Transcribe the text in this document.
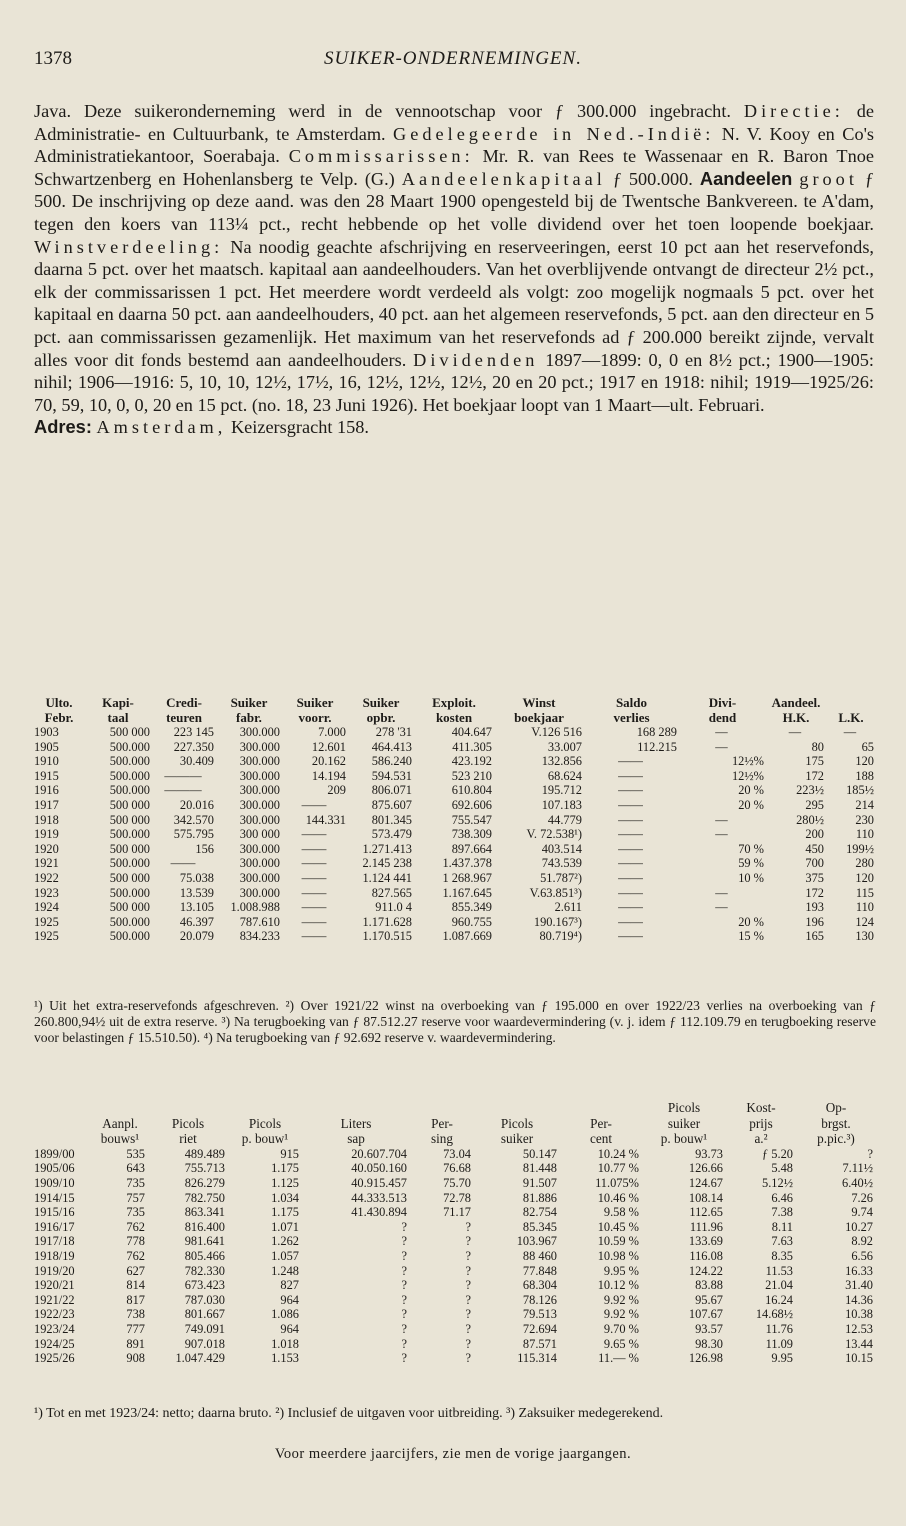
1378	SUIKER-ONDERNEMINGEN.

Java. Deze suikeronderneming werd in de vennootschap voor ƒ 300.000 ingebracht. Directie: de Administratie- en Cultuurbank, te Amsterdam. Gedelegeerde in Ned.-Indië: N. V. Kooy en Co's Administratiekantoor, Soerabaja. Commissarissen: Mr. R. van Rees te Wassenaar en R. Baron Tnoe Schwartzenberg en Hohenlansberg te Velp. (G.) Aandeelenkapitaal ƒ 500.000. Aandeelen groot ƒ 500. De inschrijving op deze aand. was den 28 Maart 1900 opengesteld bij de Twentsche Bankvereen. te A'dam, tegen den koers van 113¼ pct., recht hebbende op het volle dividend over het toen loopende boekjaar. Winstverdeeling: Na noodig geachte afschrijving en reserveeringen, eerst 10 pct aan het reservefonds, daarna 5 pct. over het maatsch. kapitaal aan aandeelhouders. Van het overblijvende ontvangt de directeur 2½ pct., elk der commissarissen 1 pct. Het meerdere wordt verdeeld als volgt: zoo mogelijk nogmaals 5 pct. over het kapitaal en daarna 50 pct. aan aandeelhouders, 40 pct. aan het algemeen reservefonds, 5 pct. aan den directeur en 5 pct. aan commissarissen gezamenlijk. Het maximum van het reservefonds ad ƒ 200.000 bereikt zijnde, vervalt alles voor dit fonds bestemd aan aandeelhouders. Dividenden 1897—1899: 0, 0 en 8½ pct.; 1900—1905: nihil; 1906—1916: 5, 10, 10, 12½, 17½, 16, 12½, 12½, 12½, 20 en 20 pct.; 1917 en 1918: nihil; 1919—1925/26: 70, 59, 10, 0, 0, 20 en 15 pct. (no. 18, 23 Juni 1926). Het boekjaar loopt van 1 Maart—ult. Februari.

Adres: Amsterdam, Keizersgracht 158.

Ulto.	Kapi-	Credi-	Suiker	Suiker	Suiker	Exploit.	Winst	Saldo	Divi-	Aandeel.	
Febr.	taal	teuren	fabr.	voorr.	opbr.	kosten	boekjaar	verlies	dend	H.K.	L.K.
1903	500 000	223 145	300.000	7.000	278 '31	404.647	V.126 516	168 289	—	—	—
1905	500.000	227.350	300.000	12.601	464.413	411.305	33.007	112.215	—	80	65
1910	500.000	30.409	300.000	20.162	586.240	423.192	132.856	——	12½%	175	120
1915	500.000	———	300.000	14.194	594.531	523 210	68.624	——	12½%	172	188
1916	500.000	———	300.000	209	806.071	610.804	195.712	——	20 %	223½	185½
1917	500 000	20.016	300.000	——	875.607	692.606	107.183	——	20 %	295	214
1918	500 000	342.570	300.000	144.331	801.345	755.547	44.779	——	—	280½	230
1919	500.000	575.795	300 000	——	573.479	738.309	V. 72.538¹)	——	—	200	110
1920	500 000	156	300.000	——	1.271.413	897.664	403.514	——	70 %	450	199½
1921	500.000	——	300.000	——	2.145 238	1.437.378	743.539	——	59 %	700	280
1922	500 000	75.038	300.000	——	1.124 441	1 268.967	51.787²)	——	10 %	375	120
1923	500.000	13.539	300.000	——	827.565	1.167.645	V.63.851³)	——	—	172	115
1924	500 000	13.105	1.008.988	——	911.0 4	855.349	2.611	——	—	193	110
1925	500.000	46.397	787.610	——	1.171.628	960.755	190.167³)	——	20 %	196	124
1925	500.000	20.079	834.233	——	1.170.515	1.087.669	80.719⁴)	——	15 %	165	130
¹) Uit het extra-reservefonds afgeschreven. ²) Over 1921/22 winst na overboeking van ƒ 195.000 en over 1922/23 verlies na overboeking van ƒ 260.800,94½ uit de extra reserve. ³) Na terugboeking van ƒ 87.512.27 reserve voor waardevermindering (v. j. idem ƒ 112.109.79 en terugboeking reserve voor belastingen ƒ 15.510.50). ⁴) Na terugboeking van ƒ 92.692 reserve v. waardevermindering.
								Picols	Kost-	Op-
	Aanpl.	Picols	Picols	Liters	Per-	Picols	Per-	suiker	prijs	brgst.
	bouws¹	riet	p. bouw¹	sap	sing	suiker	cent	p. bouw¹	a.²	p.pic.³)
1899/00	535	489.489	915	20.607.704	73.04	50.147	10.24 %	93.73	ƒ 5.20	?
1905/06	643	755.713	1.175	40.050.160	76.68	81.448	10.77 %	126.66	5.48	7.11½
1909/10	735	826.279	1.125	40.915.457	75.70	91.507	11.075%	124.67	5.12½	6.40½
1914/15	757	782.750	1.034	44.333.513	72.78	81.886	10.46 %	108.14	6.46	7.26
1915/16	735	863.341	1.175	41.430.894	71.17	82.754	9.58 %	112.65	7.38	9.74
1916/17	762	816.400	1.071	?	?	85.345	10.45 %	111.96	8.11	10.27
1917/18	778	981.641	1.262	?	?	103.967	10.59 %	133.69	7.63	8.92
1918/19	762	805.466	1.057	?	?	88 460	10.98 %	116.08	8.35	6.56
1919/20	627	782.330	1.248	?	?	77.848	9.95 %	124.22	11.53	16.33
1920/21	814	673.423	827	?	?	68.304	10.12 %	83.88	21.04	31.40
1921/22	817	787.030	964	?	?	78.126	9.92 %	95.67	16.24	14.36
1922/23	738	801.667	1.086	?	?	79.513	9.92 %	107.67	14.68½	10.38
1923/24	777	749.091	964	?	?	72.694	9.70 %	93.57	11.76	12.53
1924/25	891	907.018	1.018	?	?	87.571	9.65 %	98.30	11.09	13.44
1925/26	908	1.047.429	1.153	?	?	115.314	11.— %	126.98	9.95	10.15
¹) Tot en met 1923/24: netto; daarna bruto. ²) Inclusief de uitgaven voor uitbreiding. ³) Zaksuiker medegerekend.
Voor meerdere jaarcijfers, zie men de vorige jaargangen.
